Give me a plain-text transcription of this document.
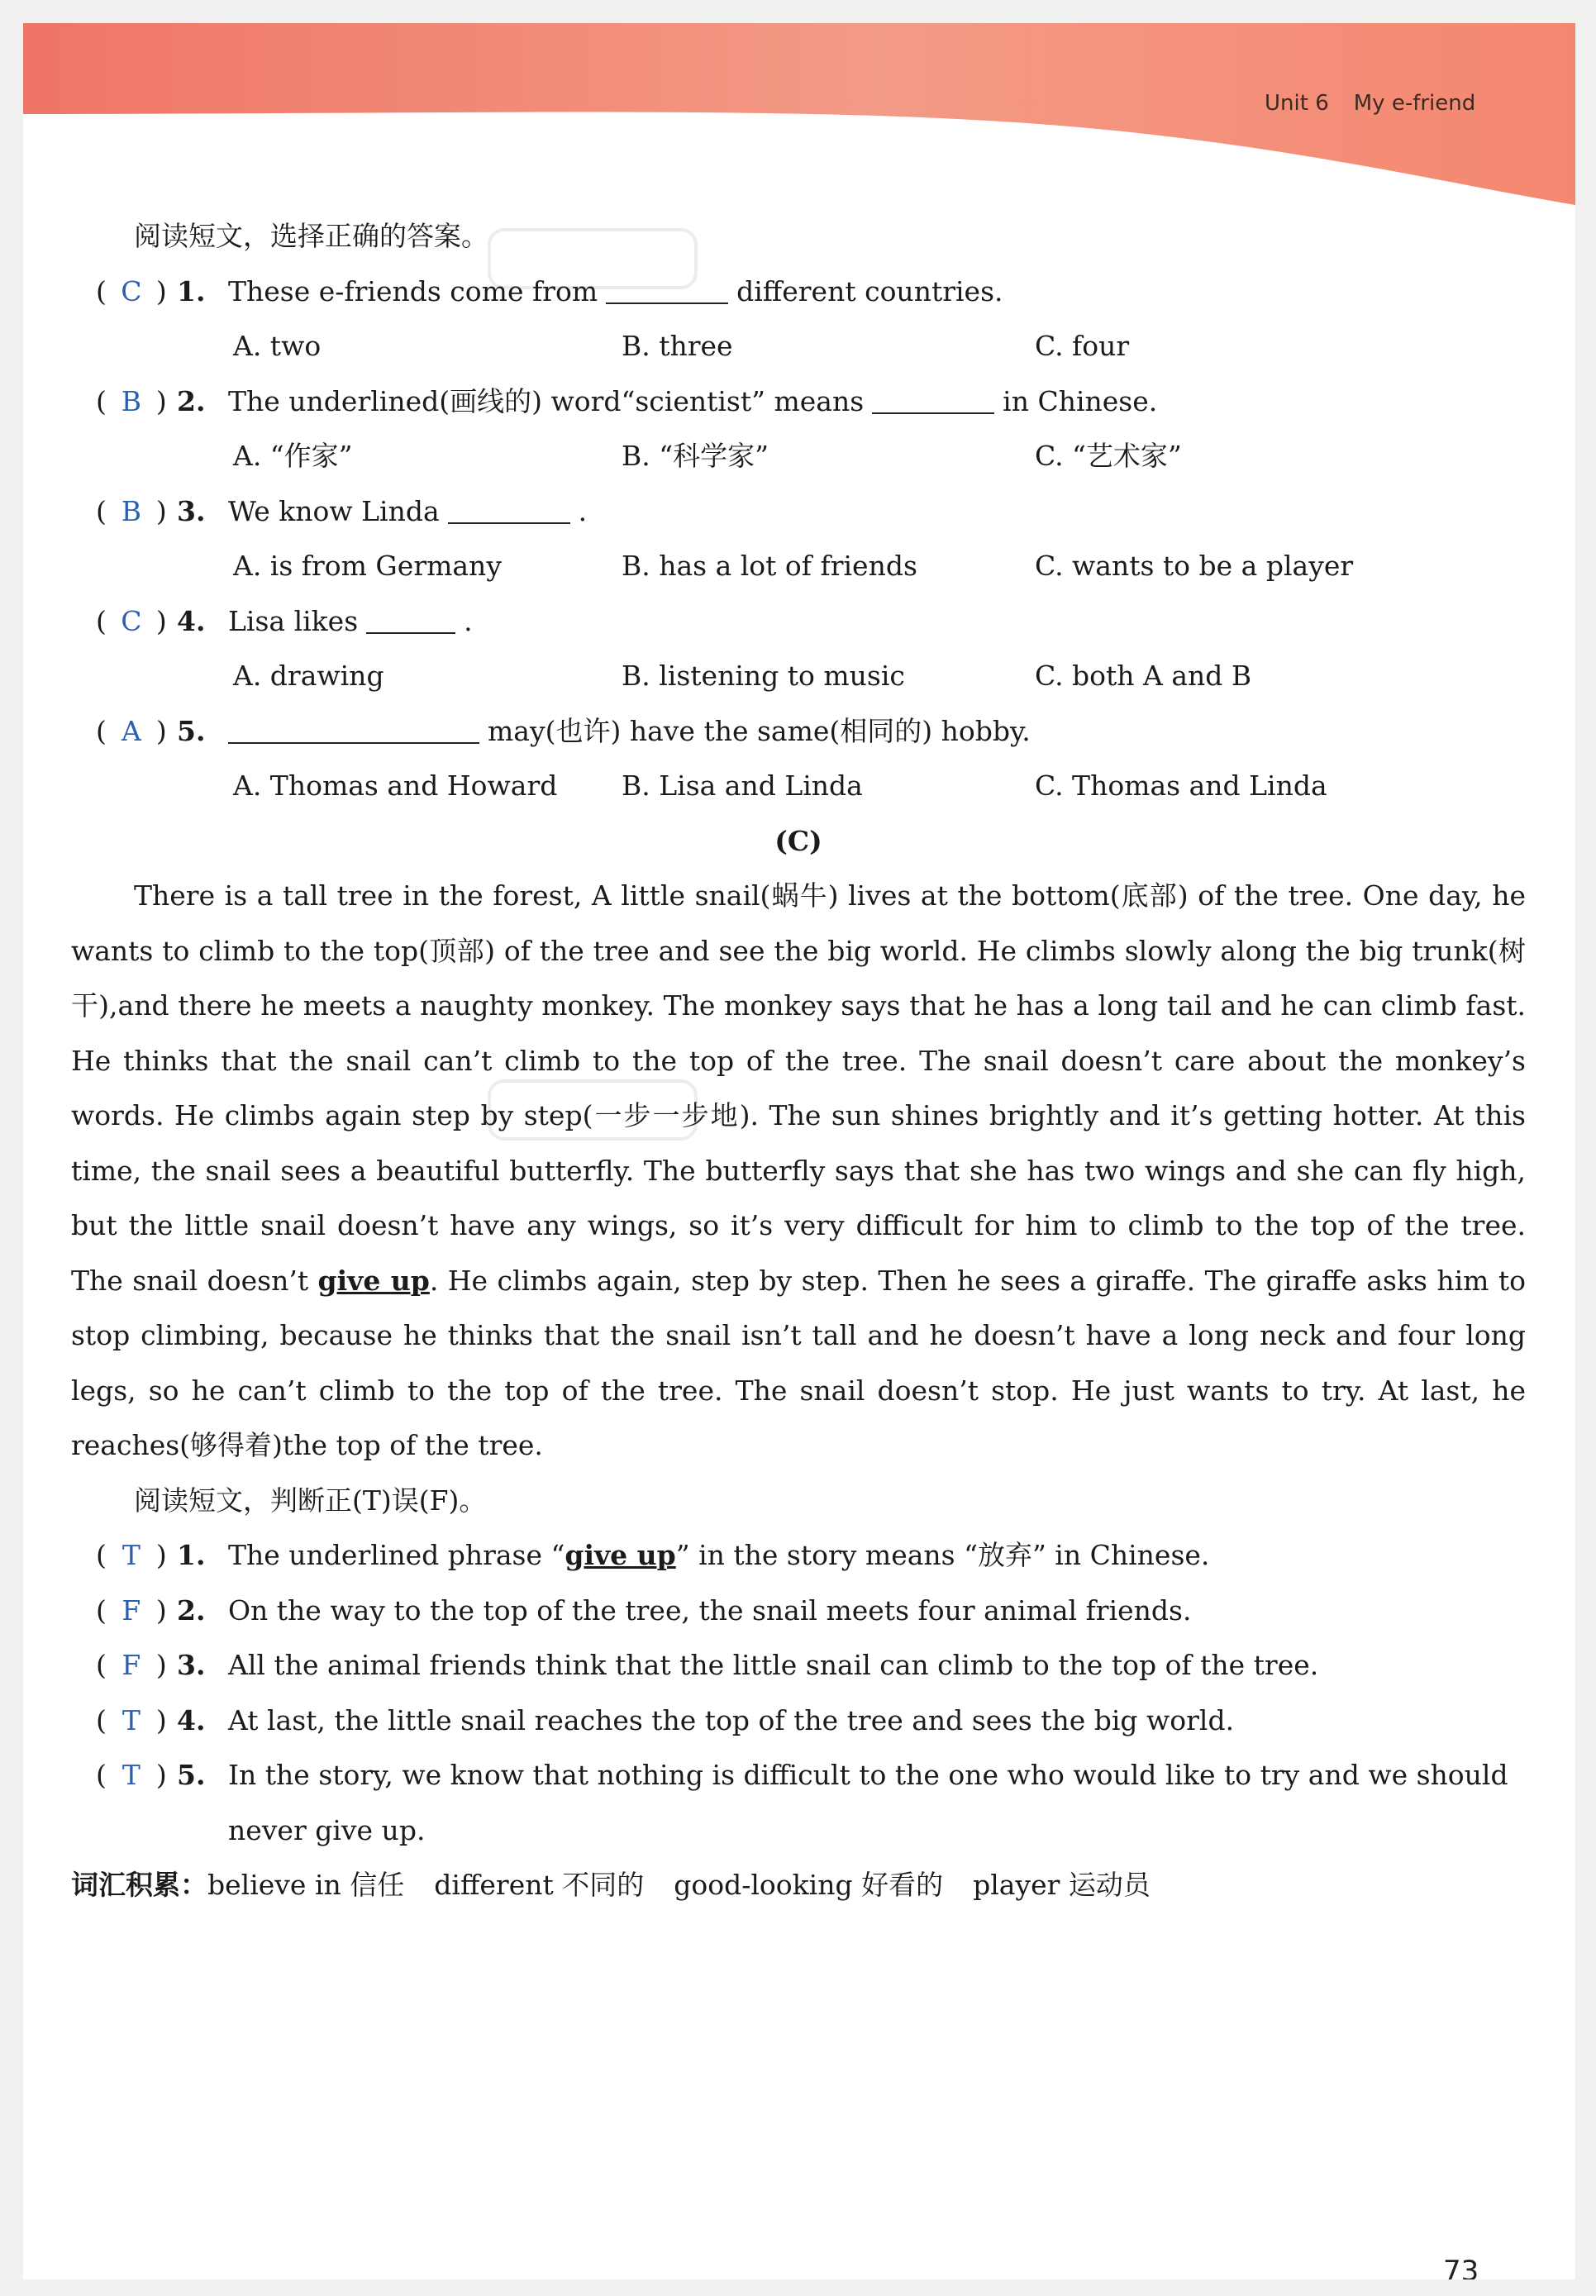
Unit 6 My e-friend
阅读短文，选择正确的答案。
( C ) 1. These e-friends come from	different countries.
A. two	B. three	C. four
( B ) 2. The underlined(画线的) word“scientist” means	in Chinese.
A. “作家”	B. “科学家”	C. “艺术家”
( B ) 3. We know Linda	.
A. is from Germany	B. has a lot of friends	C. wants to be a player
( C ) 4. Lisa likes	.
A. drawing	B. listening to music	C. both A and B
( A ) 5.	may(也许) have the same(相同的) hobby.
A. Thomas and Howard B. Lisa and Linda	C. Thomas and Linda
(C)

There is a tall tree in the forest, A little snail(蜗牛) lives at the bottom(底部) of the tree. One day, he wants to climb to the top(顶部) of the tree and see the big world. He climbs slowly along the big trunk(树干),and there he meets a naughty monkey. The monkey says that he has a long tail and he can climb fast. He thinks that the snail can’t climb to the top of the tree. The snail doesn’t care about the monkey’s words. He climbs again step by step(一步一步地). The sun shines brightly and it’s getting hotter. At this time, the snail sees a beautiful butterfly. The butterfly says that she has two wings and she can fly high, but the little snail doesn’t have any wings, so it’s very difficult for him to climb to the top of the tree. The snail doesn’t give up. He climbs again, step by step. Then he sees a giraffe. The giraffe asks him to stop climbing, because he thinks that the snail isn’t tall and he doesn’t have a long neck and four long legs, so he can’t climb to the top of the tree. The snail doesn’t stop. He just wants to try. At last, he reaches(够得着)the top of the tree.

阅读短文，判断正(T)误(F)。
( T ) 1. The underlined phrase “give up” in the story means “放弃” in Chinese.
( F ) 2. On the way to the top of the tree, the snail meets four animal friends.
( F ) 3. All the animal friends think that the little snail can climb to the top of the tree.
( T ) 4. At last, the little snail reaches the top of the tree and sees the big world.
( T ) 5. In the story, we know that nothing is difficult to the one who would like to try and we should
never give up.
词汇积累：believe in 信任 different 不同的 good-looking 好看的 player 运动员
73
